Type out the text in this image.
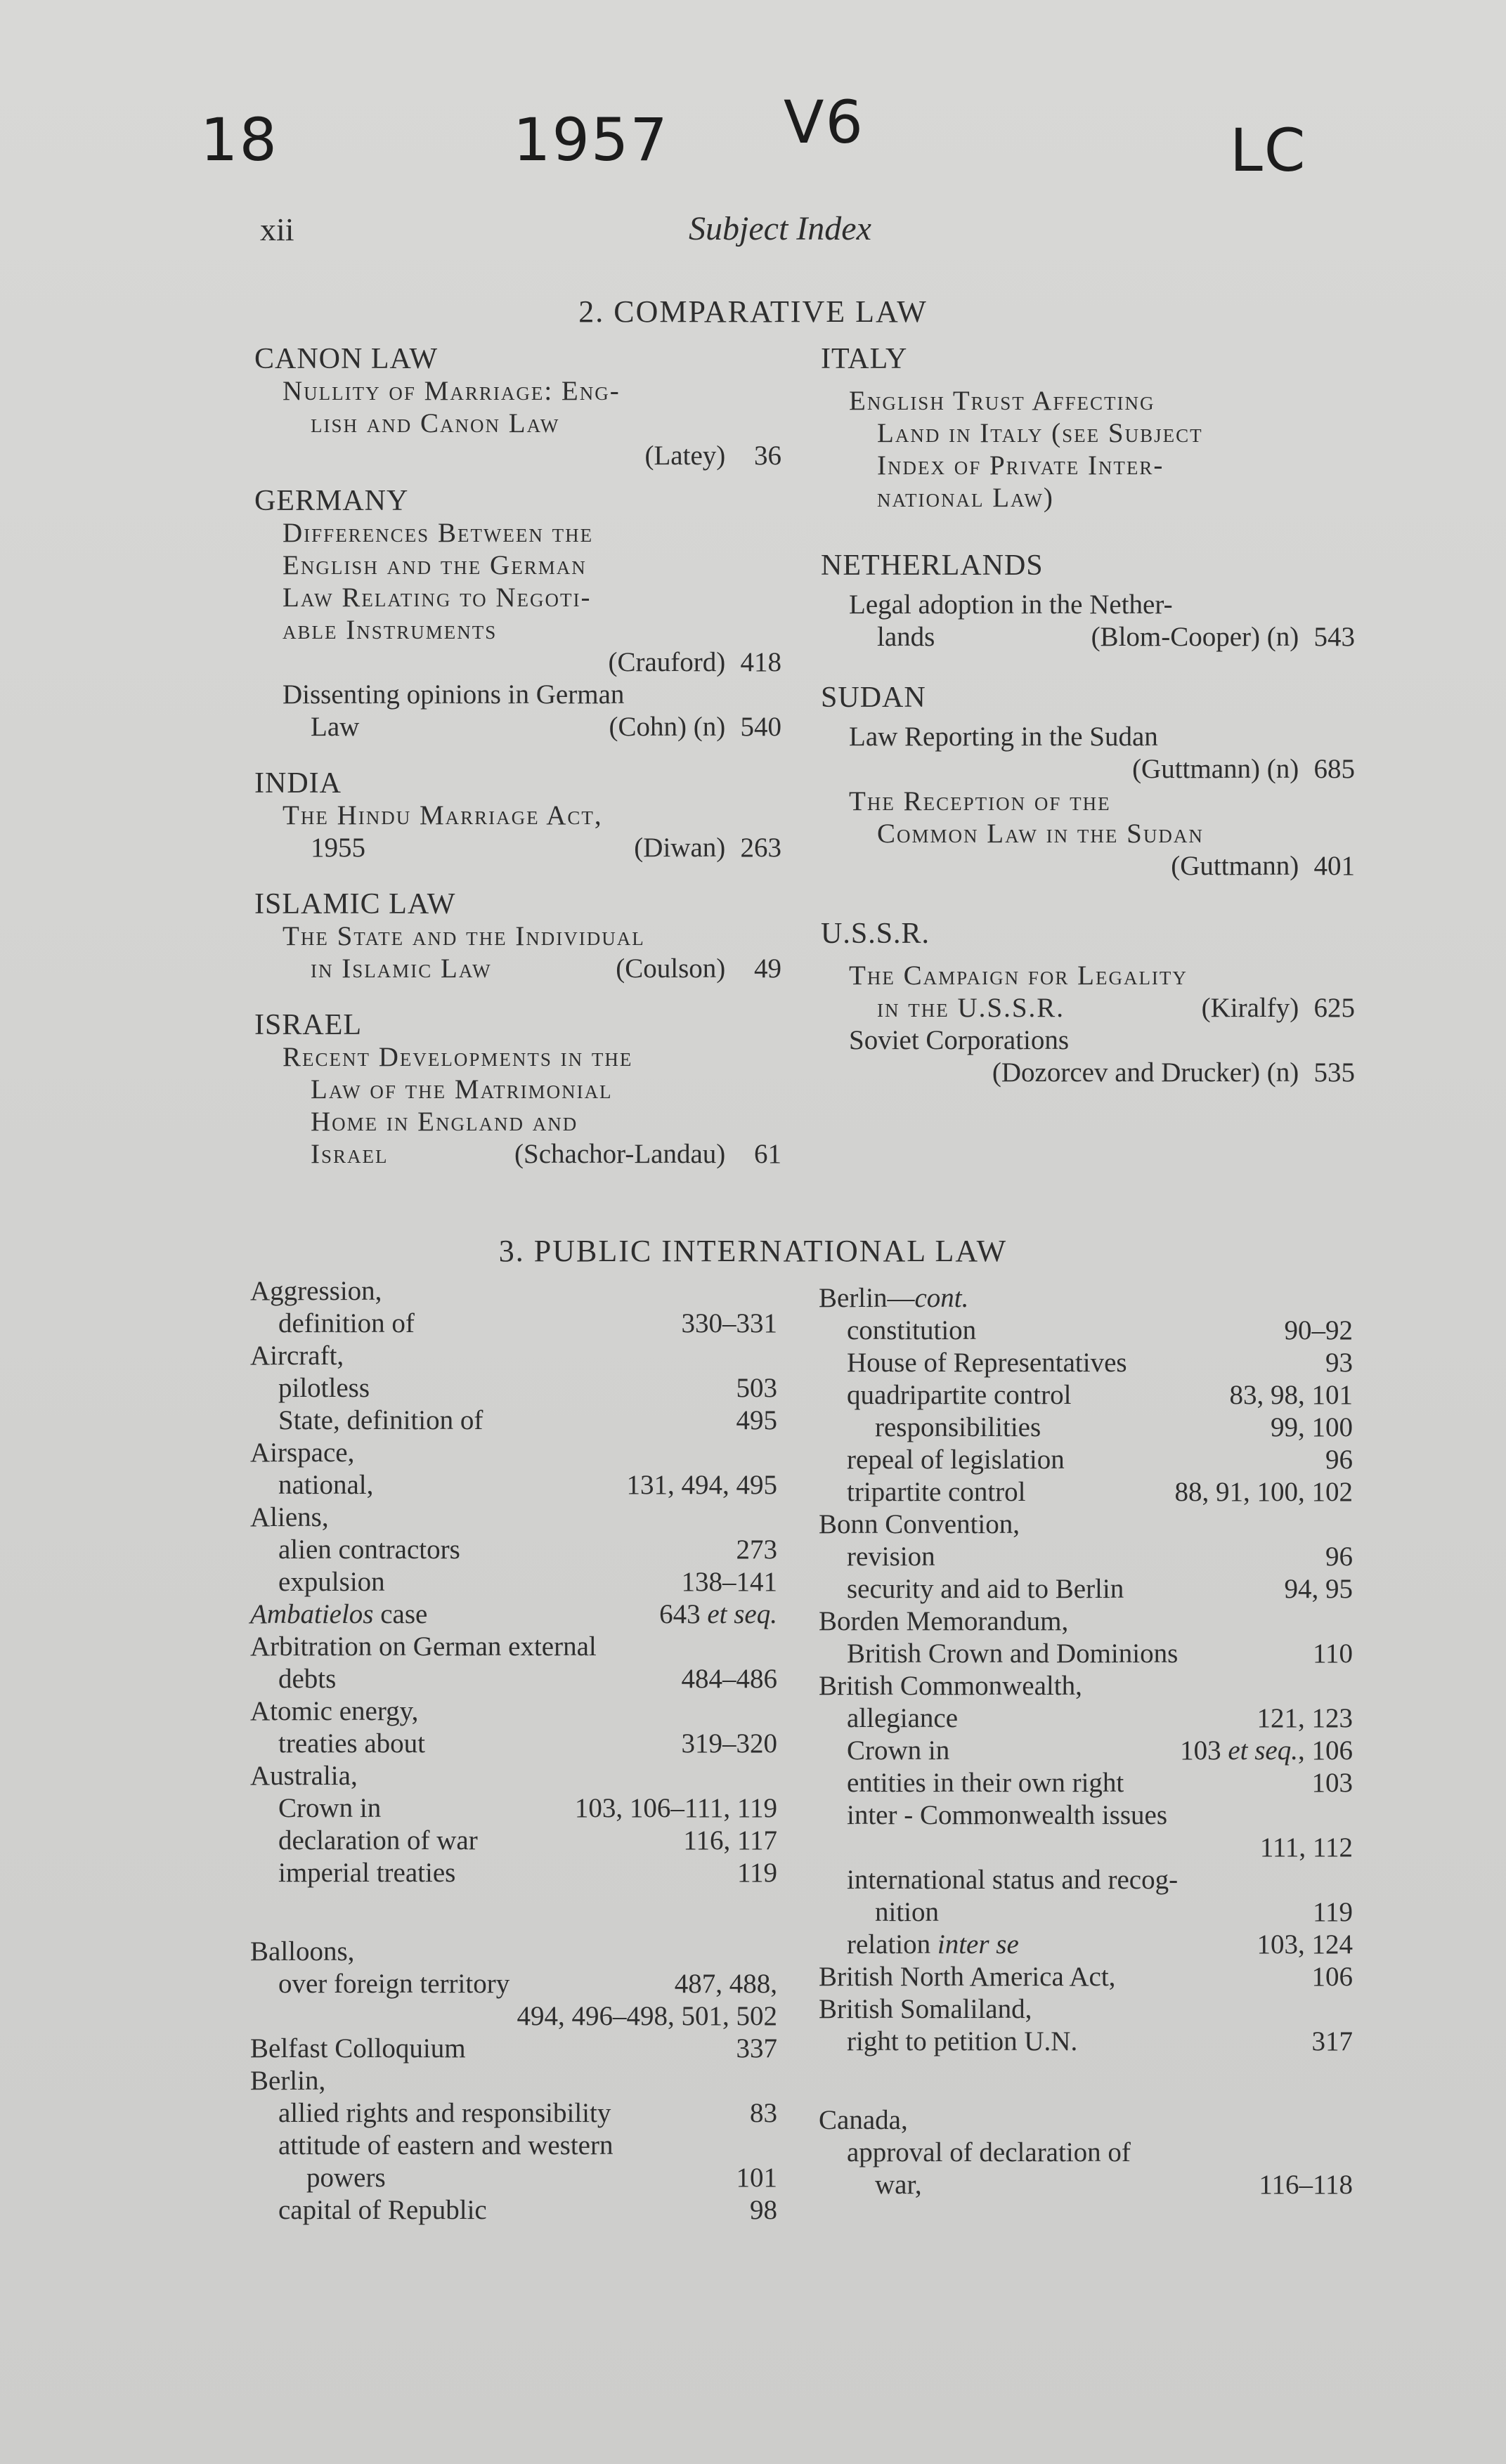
18	1957 V6	LC
xii	Subject Index
2. COMPARATIVE LAW
CANON LAW
Nullity of Marriage: Eng-
lish and Canon Law
(Latey) 36
GERMANY
Differences Between the
English and the German
Law Relating to Negoti-
able Instruments
(Crauford) 418
Dissenting opinions in German
Law	(Cohn) (n) 540
INDIA
The Hindu Marriage Act,
1955	(Diwan) 263
ISLAMIC LAW
The State and the Individual
in Islamic Law	(Coulson) 49
ISRAEL
Recent Developments in the
Law of the Matrimonial
Home in England and
Israel	(Schachor-Landau) 61
ITALY
English Trust Affecting
Land in Italy (see Subject
Index of Private Inter-
national Law)
NETHERLANDS
Legal adoption in the Nether-
lands	(Blom-Cooper) (n) 543
SUDAN
Law Reporting in the Sudan
(Guttmann) (n) 685
The Reception of the
Common Law in the Sudan
(Guttmann) 401
U.S.S.R.
The Campaign for Legality
in the U.S.S.R.	(Kiralfy) 625
Soviet Corporations
(Dozorcev and Drucker) (n) 535
3. PUBLIC INTERNATIONAL LAW
Aggression,
definition of	330–331
Aircraft,
pilotless	503
State, definition of	495
Airspace,
national,	131, 494, 495
Aliens,
alien contractors	273
expulsion	138–141
Ambatielos case	643 et seq.
Arbitration on German external
debts	484–486
Atomic energy,
treaties about	319–320
Australia,
Crown in	103, 106–111, 119
declaration of war	116, 117
imperial treaties	119
Balloons,
over foreign territory	487, 488,
494, 496–498, 501, 502
Belfast Colloquium	337
Berlin,
allied rights and responsibility	83
attitude of eastern and western
powers	101
capital of Republic	98
Berlin—cont.
constitution	90–92
House of Representatives	93
quadripartite control	83, 98, 101
responsibilities	99, 100
repeal of legislation	96
tripartite control	88, 91, 100, 102
Bonn Convention,
revision	96
security and aid to Berlin	94, 95
Borden Memorandum,
British Crown and Dominions	110
British Commonwealth,
allegiance	121, 123
Crown in	103 et seq., 106
entities in their own right	103
inter - Commonwealth issues
111, 112
international status and recog-
nition	119
relation inter se	103, 124
British North America Act,	106
British Somaliland,
right to petition U.N.	317
Canada,
approval of declaration of
war,	116–118
